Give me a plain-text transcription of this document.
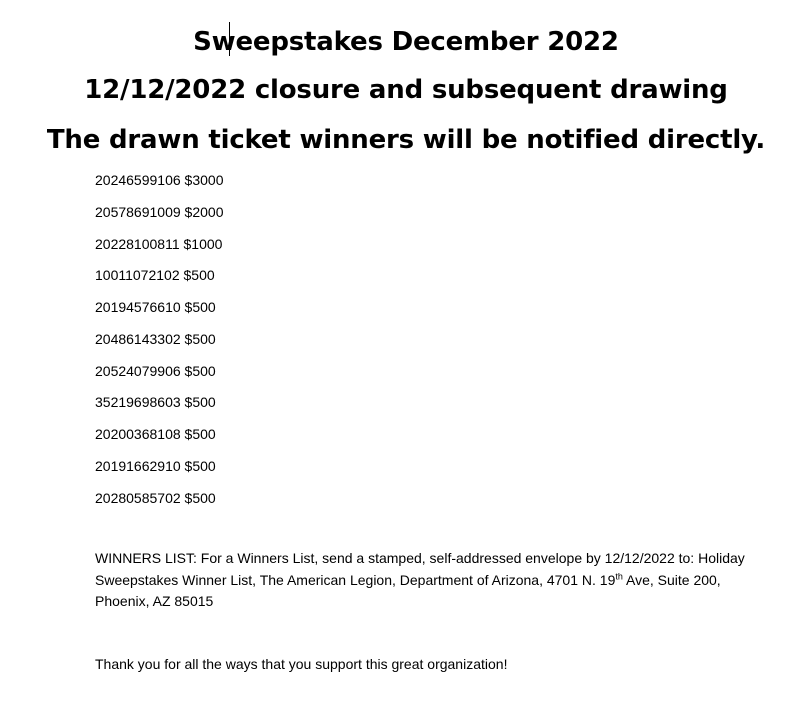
Sweepstakes December 2022
12/12/2022 closure and subsequent drawing
The drawn ticket winners will be notified directly.
20246599106 $3000
20578691009 $2000
20228100811 $1000
10011072102 $500
20194576610 $500
20486143302 $500
20524079906 $500
35219698603 $500
20200368108 $500
20191662910 $500
20280585702 $500

WINNERS LIST: For a Winners List, send a stamped, self-addressed envelope by 12/12/2022 to: Holiday Sweepstakes Winner List, The American Legion, Department of Arizona, 4701 N. 19th Ave, Suite 200, Phoenix, AZ 85015

Thank you for all the ways that you support this great organization!
